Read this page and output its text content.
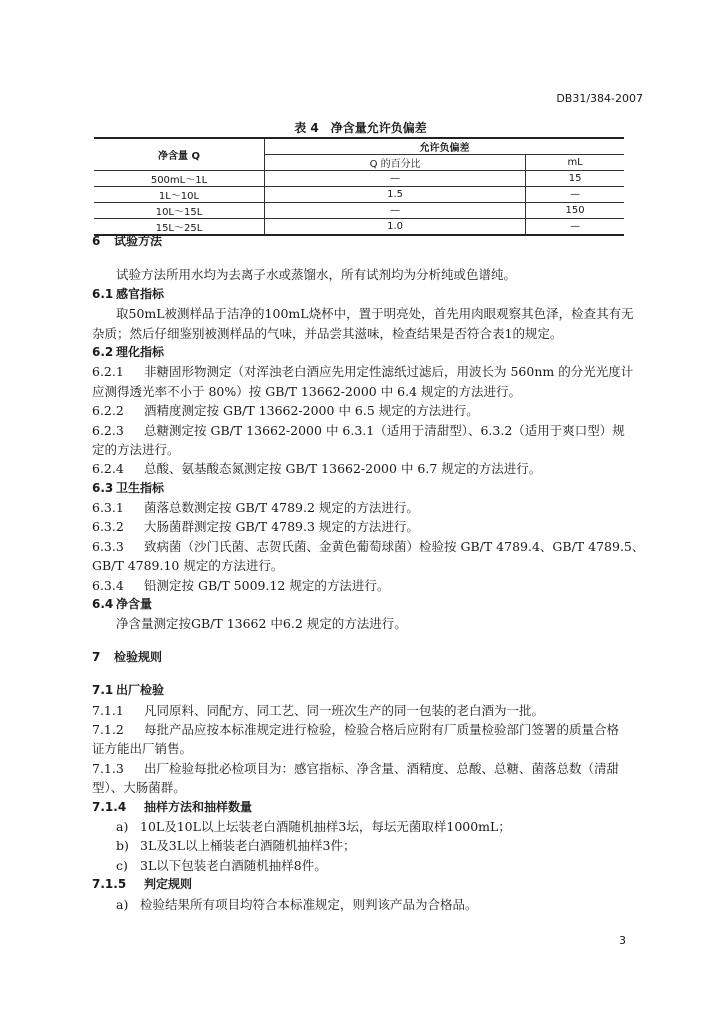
DB31/384-2007
表 4　净含量允许负偏差
净含量 Q	允许负偏差	
	Q 的百分比	mL
500mL～1L	—	15
1L～10L	1.5	—
10L～15L	—	150
15L～25L	1.0	—
6 试验方法
试验方法所用水均为去离子水或蒸馏水，所有试剂均为分析纯或色谱纯。
6.1 感官指标
取50mL被测样品于洁净的100mL烧杯中，置于明亮处，首先用肉眼观察其色泽，检查其有无
杂质；然后仔细鉴别被测样品的气味，并品尝其滋味，检查结果是否符合表1的规定。
6.2 理化指标
6.2.1 非糖固形物测定（对浑浊老白酒应先用定性滤纸过滤后，用波长为 560nm 的分光光度计
应测得透光率不小于 80%）按 GB/T 13662-2000 中 6.4 规定的方法进行。
6.2.2 酒精度测定按 GB/T 13662-2000 中 6.5 规定的方法进行。
6.2.3 总糖测定按 GB/T 13662-2000 中 6.3.1（适用于清甜型）、6.3.2（适用于爽口型）规
定的方法进行。
6.2.4 总酸、氨基酸态氮测定按 GB/T 13662-2000 中 6.7 规定的方法进行。
6.3 卫生指标
6.3.1 菌落总数测定按 GB/T 4789.2 规定的方法进行。
6.3.2 大肠菌群测定按 GB/T 4789.3 规定的方法进行。
6.3.3 致病菌（沙门氏菌、志贺氏菌、金黄色葡萄球菌）检验按 GB/T 4789.4、GB/T 4789.5、
GB/T 4789.10 规定的方法进行。
6.3.4 铅测定按 GB/T 5009.12 规定的方法进行。
6.4 净含量
净含量测定按GB/T 13662 中6.2 规定的方法进行。
7 检验规则
7.1 出厂检验
7.1.1 凡同原料、同配方、同工艺、同一班次生产的同一包装的老白酒为一批。
7.1.2 每批产品应按本标准规定进行检验，检验合格后应附有厂质量检验部门签署的质量合格
证方能出厂销售。
7.1.3 出厂检验每批必检项目为：感官指标、净含量、酒精度、总酸、总糖、菌落总数（清甜
型）、大肠菌群。
7.1.4 抽样方法和抽样数量
a) 10L及10L以上坛装老白酒随机抽样3坛，每坛无菌取样1000mL；
b) 3L及3L以上桶装老白酒随机抽样3件；
c) 3L以下包装老白酒随机抽样8件。
7.1.5 判定规则
a) 检验结果所有项目均符合本标准规定，则判该产品为合格品。
3
